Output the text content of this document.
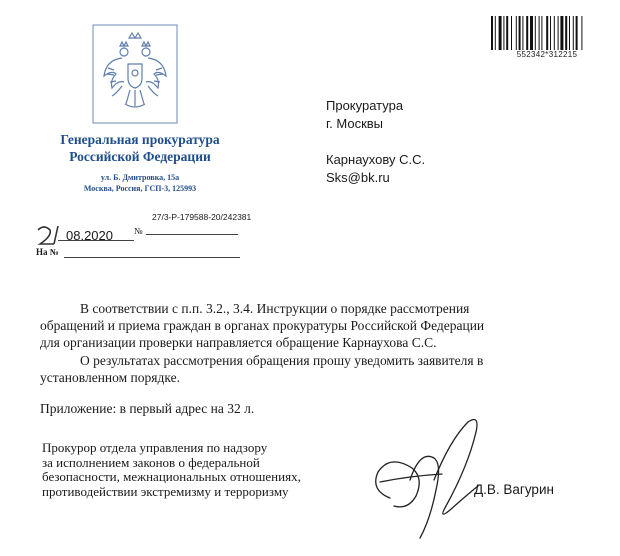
Генеральная прокуратура
Российской Федерации
ул. Б. Дмитровка, 15а
Москва, Россия, ГСП-3, 125993
552342*312215
27/3-Р-179588-20/242381
21
08.2020 №
На №
Прокуратура
г. Москвы
Карнаухову С.С.
Sks@bk.ru
В соответствии с п.п. 3.2., 3.4. Инструкции о порядке рассмотрения
обращений и приема граждан в органах прокуратуры Российской Федерации
для организации проверки направляется обращение Карнаухова С.С.
О результатах рассмотрения обращения прошу уведомить заявителя в
установленном порядке.
Приложение: в первый адрес на 32 л.
Прокурор отдела управления по надзору
за исполнением законов о федеральной
безопасности, межнациональных отношениях,
противодействии экстремизму и терроризму	Д.В. Вагурин
